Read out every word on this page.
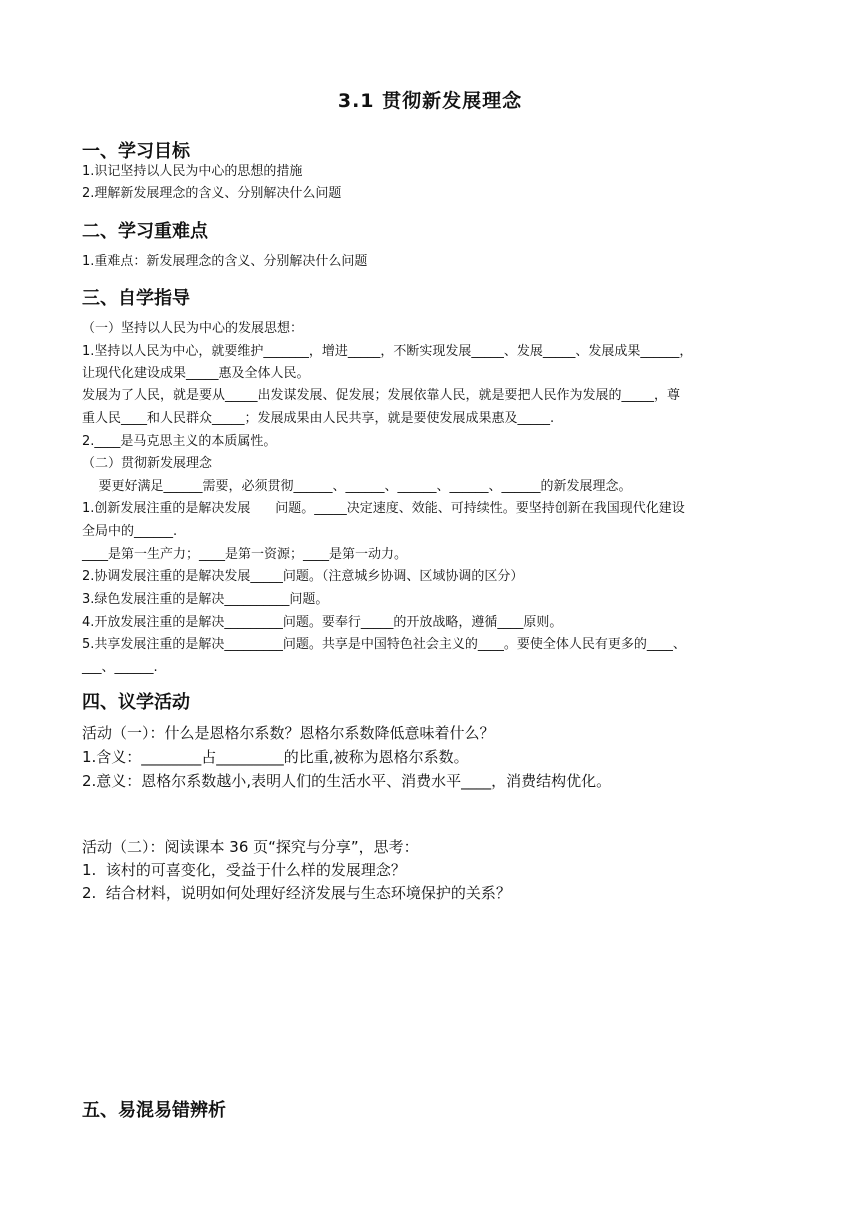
3.1 贯彻新发展理念
一、学习目标
1.识记坚持以人民为中心的思想的措施
2.理解新发展理念的含义、分别解决什么问题
二、学习重难点
1.重难点：新发展理念的含义、分别解决什么问题
三、自学指导
（一）坚持以人民为中心的发展思想：
1.坚持以人民为中心，就要维护_______，增进_____，不断实现发展_____、发展_____、发展成果______，
让现代化建设成果_____惠及全体人民。
发展为了人民，就是要从_____出发谋发展、促发展；发展依靠人民，就是要把人民作为发展的_____，尊
重人民____和人民群众_____；发展成果由人民共享，就是要使发展成果惠及_____.
2.____是马克思主义的本质属性。
（二）贯彻新发展理念
要更好满足______需要，必须贯彻______、______、______、______、______的新发展理念。
1.创新发展注重的是解决发展      问题。_____决定速度、效能、可持续性。要坚持创新在我国现代化建设
全局中的______.
____是第一生产力；____是第一资源；____是第一动力。
2.协调发展注重的是解决发展_____问题。（注意城乡协调、区域协调的区分）
3.绿色发展注重的是解决__________问题。
4.开放发展注重的是解决_________问题。要奉行_____的开放战略，遵循____原则。
5.共享发展注重的是解决_________问题。共享是中国特色社会主义的____。要使全体人民有更多的____、
___、______.
四、议学活动
活动（一）：什么是恩格尔系数？恩格尔系数降低意味着什么？
1.含义：________占_________的比重,被称为恩格尔系数。
2.意义：恩格尔系数越小,表明人们的生活水平、消费水平____，消费结构优化。
活动（二）：阅读课本 36 页“探究与分享”，思考：
1.  该村的可喜变化，受益于什么样的发展理念？
2.  结合材料，说明如何处理好经济发展与生态环境保护的关系？
五、易混易错辨析
